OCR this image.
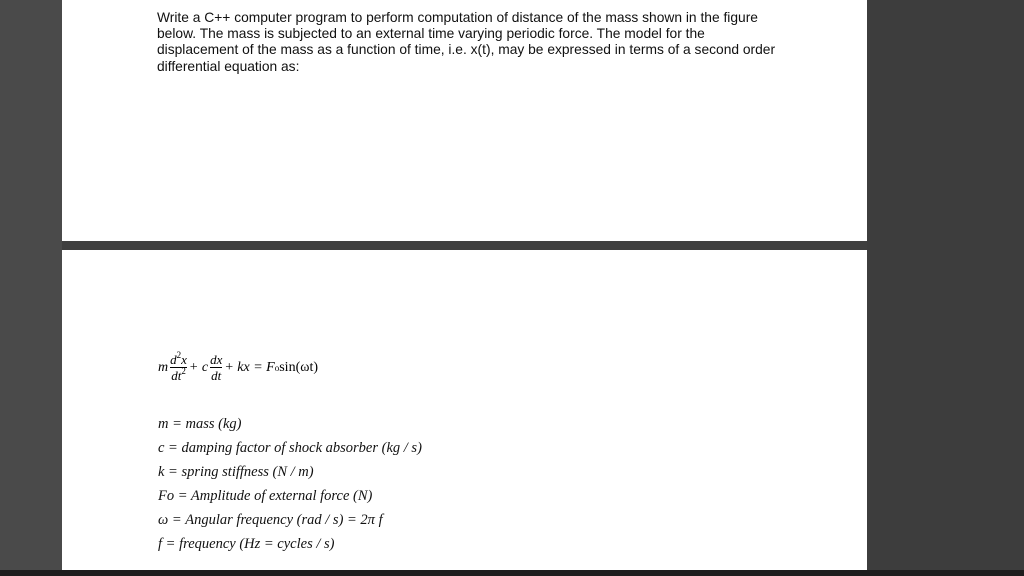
Write a C++ computer program to perform computation of distance of the mass shown in the figure below. The mass is subjected to an external time varying periodic force. The model for the displacement of the mass as a function of time, i.e. x(t), may be expressed in terms of a second order differential equation as:

m $\frac{d^2x}{dt^2} + c \frac{dx}{dt}$ + kx = F o sin(ωt)
m = mass (kg)
c = damping factor of shock absorber (kg / s)
k = spring stiffness (N / m)
Fo = Amplitude of external force (N)
ω = Angular frequency (rad / s) = 2π f
f = frequency (Hz = cycles / s)
